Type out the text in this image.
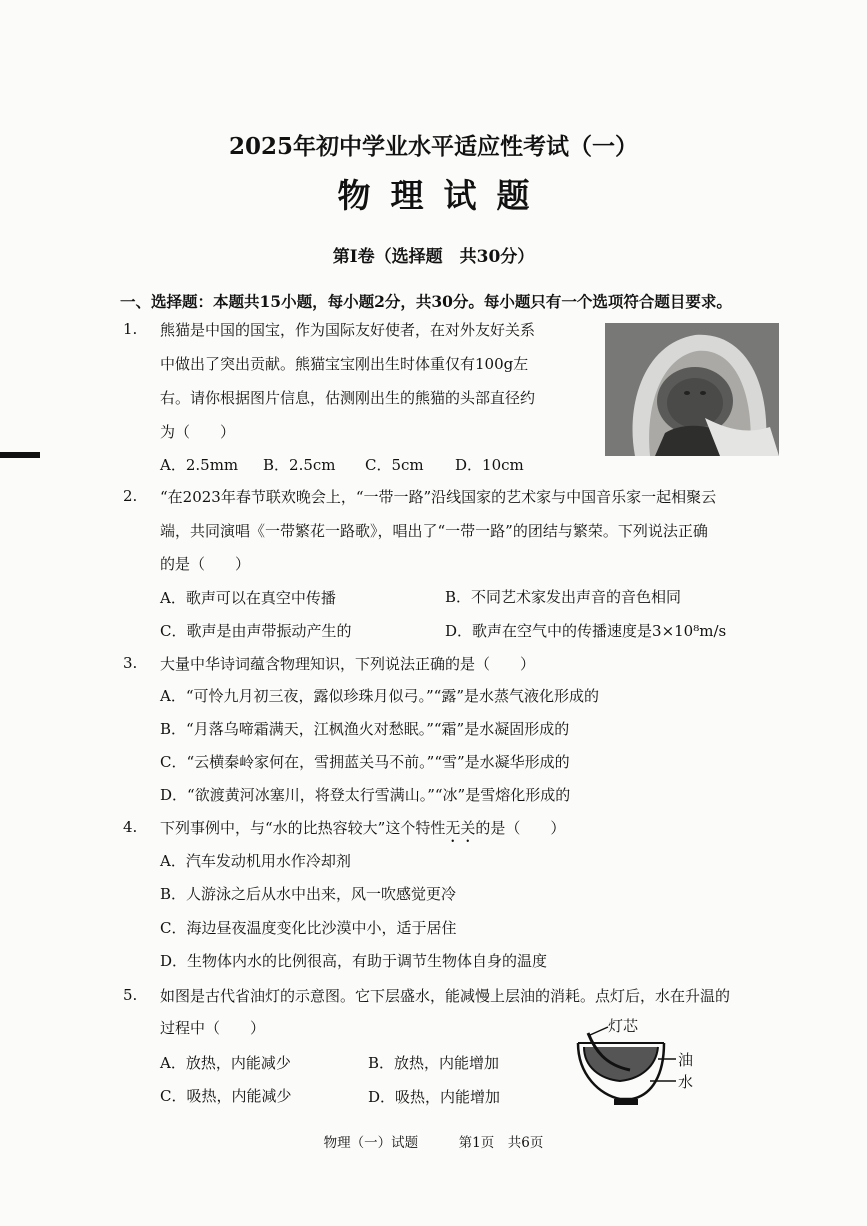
2025年初中学业水平适应性考试（一）
物理试题
第Ⅰ卷（选择题　共30分）
一、选择题：本题共15小题，每小题2分，共30分。每小题只有一个选项符合题目要求。
1. 熊猫是中国的国宝，作为国际友好使者，在对外友好关系
中做出了突出贡献。熊猫宝宝刚出生时体重仅有100g左
右。请你根据图片信息，估测刚出生的熊猫的头部直径约
为（　　）
A．2.5mm B．2.5cm C．5cm D．10cm
2. “在2023年春节联欢晚会上，“一带一路”沿线国家的艺术家与中国音乐家一起相聚云
端，共同演唱《一带繁花一路歌》，唱出了“一带一路”的团结与繁荣。下列说法正确
的是（　　）
A．歌声可以在真空中传播	B．不同艺术家发出声音的音色相同
C．歌声是由声带振动产生的	D．歌声在空气中的传播速度是3×10⁸m/s
3. 大量中华诗词蕴含物理知识，下列说法正确的是（　　）
A．“可怜九月初三夜，露似珍珠月似弓。”“露”是水蒸气液化形成的
B．“月落乌啼霜满天，江枫渔火对愁眠。”“霜”是水凝固形成的
C．“云横秦岭家何在，雪拥蓝关马不前。”“雪”是水凝华形成的
D．“欲渡黄河冰塞川，将登太行雪满山。”“冰”是雪熔化形成的
4. 下列事例中，与“水的比热容较大”这个特性无关的是（　　）
A．汽车发动机用水作冷却剂
B．人游泳之后从水中出来，风一吹感觉更冷
C．海边昼夜温度变化比沙漠中小，适于居住
D．生物体内水的比例很高，有助于调节生物体自身的温度
5. 如图是古代省油灯的示意图。它下层盛水，能减慢上层油的消耗。点灯后，水在升温的
过程中（　　）
A．放热，内能减少	B．放热，内能增加
C．吸热，内能减少	D．吸热，内能增加
灯芯
油
水
物理（一）试题　　　第1页　共6页
